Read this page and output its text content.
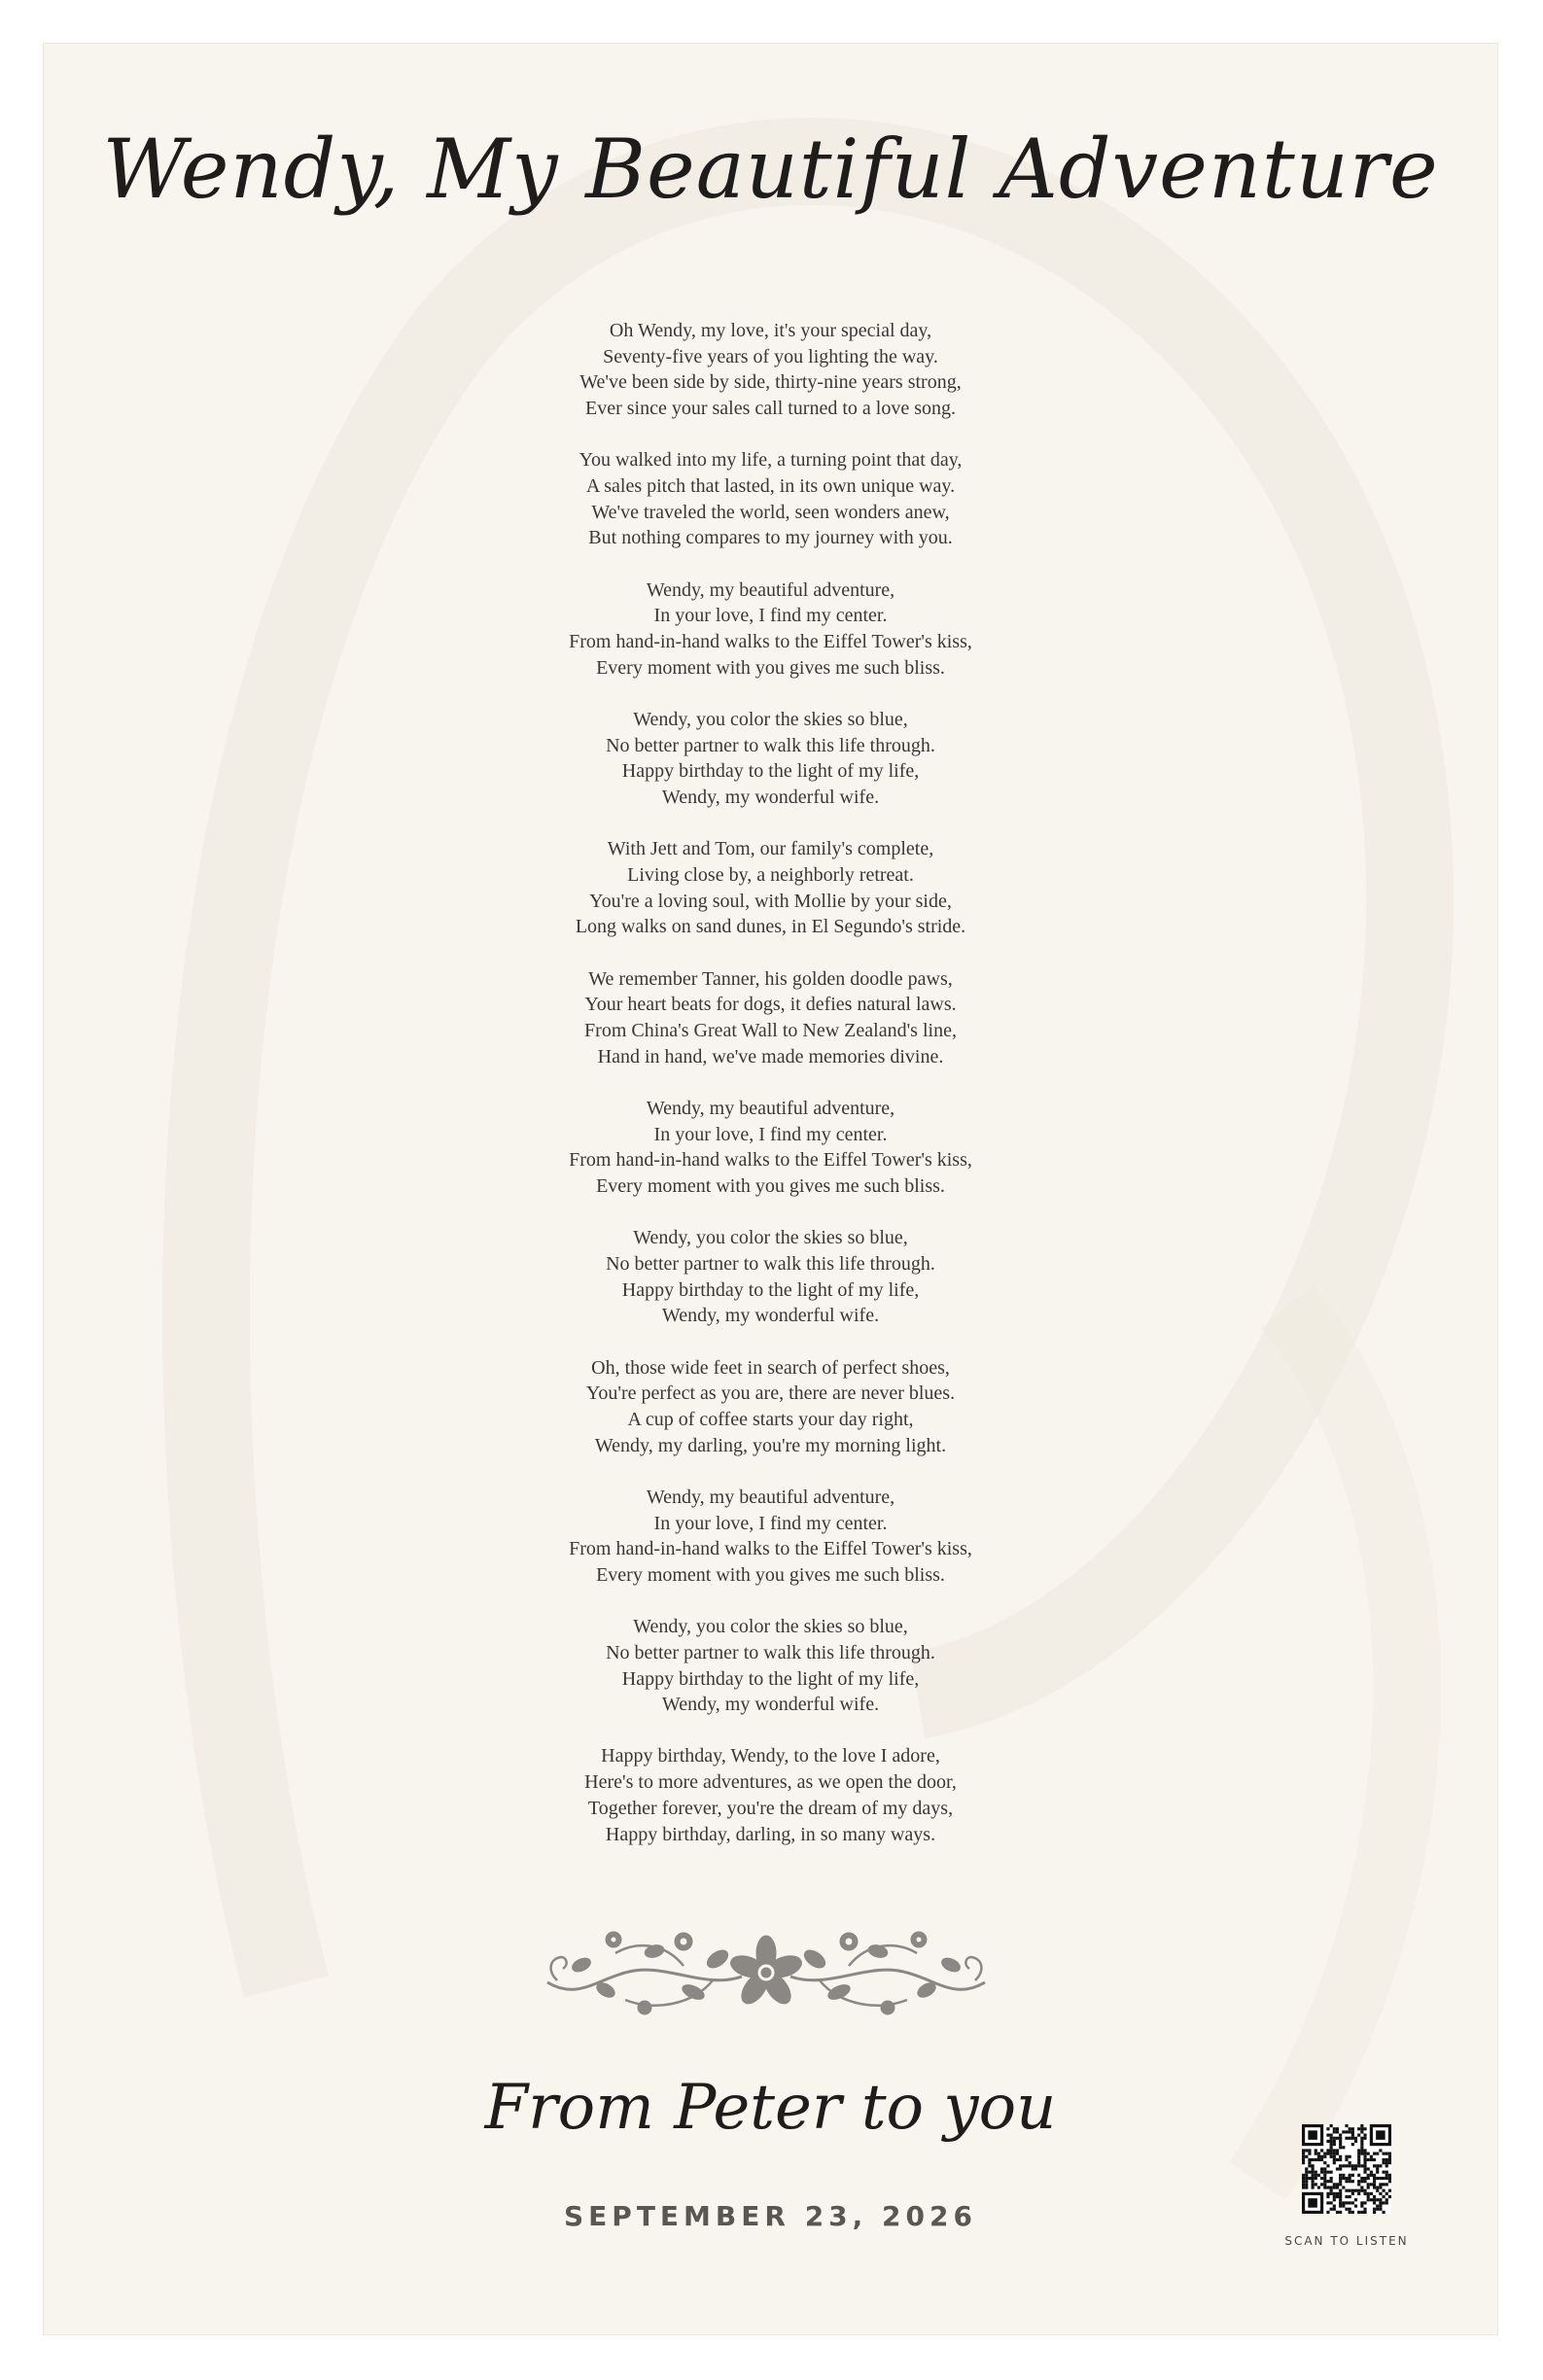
Wendy, My Beautiful Adventure
Oh Wendy, my love, it's your special day,
Seventy-five years of you lighting the way.
We've been side by side, thirty-nine years strong,
Ever since your sales call turned to a love song.
You walked into my life, a turning point that day,
A sales pitch that lasted, in its own unique way.
We've traveled the world, seen wonders anew,
But nothing compares to my journey with you.
Wendy, my beautiful adventure,
In your love, I find my center.
From hand-in-hand walks to the Eiffel Tower's kiss,
Every moment with you gives me such bliss.
Wendy, you color the skies so blue,
No better partner to walk this life through.
Happy birthday to the light of my life,
Wendy, my wonderful wife.
With Jett and Tom, our family's complete,
Living close by, a neighborly retreat.
You're a loving soul, with Mollie by your side,
Long walks on sand dunes, in El Segundo's stride.
We remember Tanner, his golden doodle paws,
Your heart beats for dogs, it defies natural laws.
From China's Great Wall to New Zealand's line,
Hand in hand, we've made memories divine.
Wendy, my beautiful adventure,
In your love, I find my center.
From hand-in-hand walks to the Eiffel Tower's kiss,
Every moment with you gives me such bliss.
Wendy, you color the skies so blue,
No better partner to walk this life through.
Happy birthday to the light of my life,
Wendy, my wonderful wife.
Oh, those wide feet in search of perfect shoes,
You're perfect as you are, there are never blues.
A cup of coffee starts your day right,
Wendy, my darling, you're my morning light.
Wendy, my beautiful adventure,
In your love, I find my center.
From hand-in-hand walks to the Eiffel Tower's kiss,
Every moment with you gives me such bliss.
Wendy, you color the skies so blue,
No better partner to walk this life through.
Happy birthday to the light of my life,
Wendy, my wonderful wife.
Happy birthday, Wendy, to the love I adore,
Here's to more adventures, as we open the door,
Together forever, you're the dream of my days,
Happy birthday, darling, in so many ways.
From Peter to you
SEPTEMBER 23, 2026
SCAN TO LISTEN
